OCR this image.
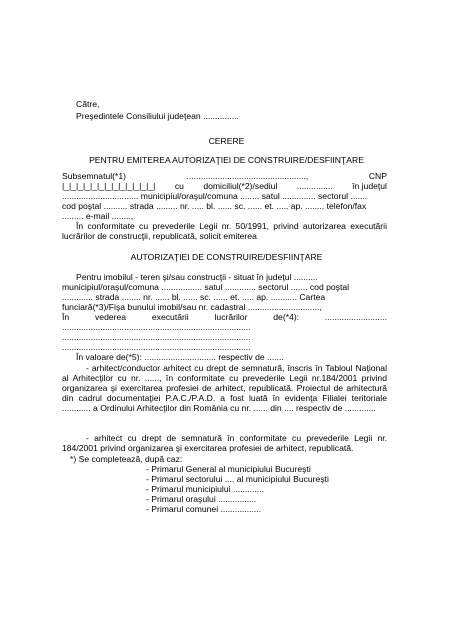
Către,

Preşedintele Consiliului judeţean ...............

CERERE

PENTRU EMITEREA AUTORIZAŢIEI DE CONSTRUIRE/DESFIINŢARE

Subsemnatul(*1)	..................................................,	CNP
|_|_|_|_|_|_|_|_|_|_|_|_|_| cu domiciliul(*2)/sediul ............... în judeţul

................................ municipiul/oraşul/comuna ........ satul .............. sectorul .......

cod poştal .......... strada ......... nr. ..... bl. ...... sc. ...... et. ..... ap. ........ telefon/fax

......... e-mail ........,

În conformitate cu prevederile Legii nr. 50/1991, privind autorizarea executării lucrărilor de construcţii, republicată, solicit emiterea

AUTORIZAŢIEI DE CONSTRUIRE/DESFIINŢARE

Pentru imobilul - teren şi/sau construcţii - situat în judeţul ..........

municipiul/oraşul/comuna ................. satul ............. sectorul ....... cod poştal

............. strada ........ nr. ...... bl. ...... sc. ...... et. ..... ap. ........... Cartea

funciară(*3)/Fişa bunului imobil/sau nr. cadastral ..............................,

În	vederea	executării	lucrărilor	de(*4):	..........................

...............................................................................

...............................................................................

...............................................................................

În valoare de(*5): .............................. respectiv de .......

- arhitect/conductor arhitect cu drept de semnatură, înscris în Tabloul Naţional al Arhitecţilor cu nr. ......, în conformitate cu prevederile Legii nr.184/2001 privind organizarea şi exercitarea profesiei de arhitect, republicată. Proiectul de arhitectură din cadrul documentaţiei P.A.C./P.A.D. a fost luată în evidenţa Filialei teritoriale ............ a Ordinului Arhitecţilor din România cu nr. ...... din .... respectiv de .............

- arhitect cu drept de semnatură în conformitate cu prevederile Legii nr. 184/2001 privind organizarea şi exercitarea profesiei de arhitect, republicată.

*) Se completează, după caz:

- Primarul General al municipiului Bucureşti

- Primarul sectorului .... al municipiului Bucureşti

- Primarul municipiului .............

- Primarul oraşului ................

- Primarul comunei .................
